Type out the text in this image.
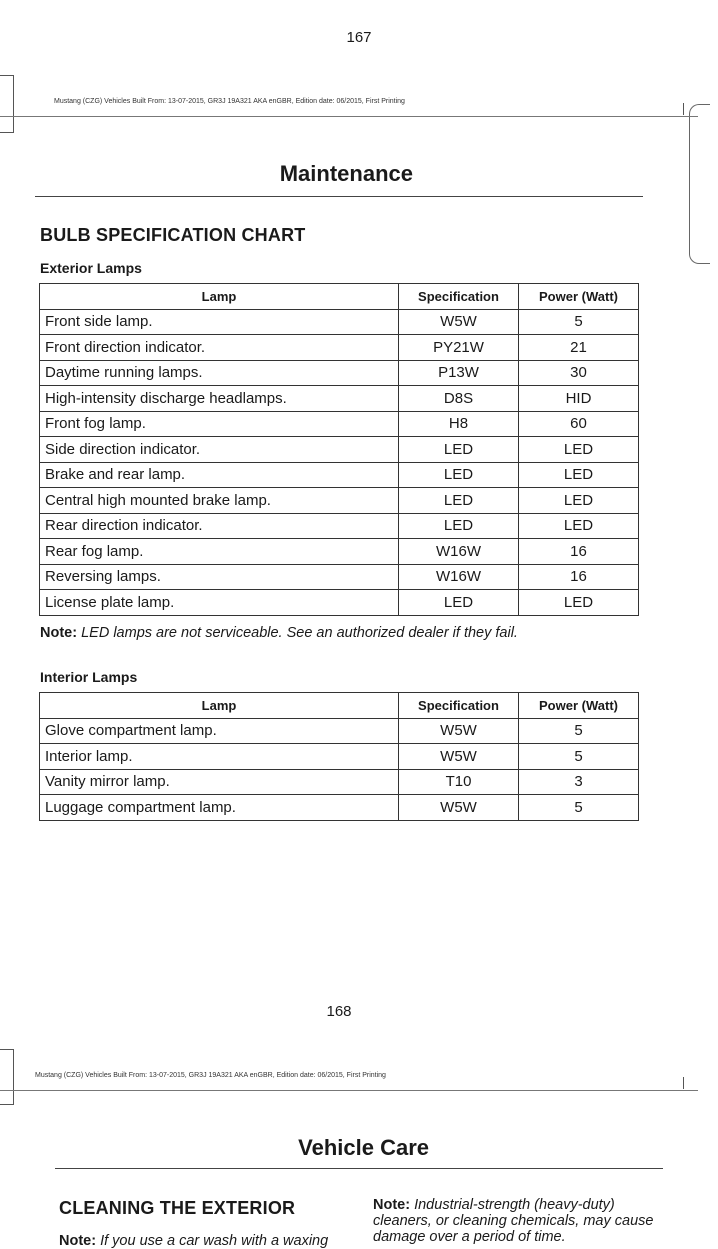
167
Mustang (CZG) Vehicles Built From: 13-07-2015, GR3J 19A321 AKA enGBR, Edition date: 06/2015, First Printing
Maintenance
BULB SPECIFICATION CHART
Exterior Lamps
Lamp	Specification	Power (Watt)
Front side lamp.	W5W	5
Front direction indicator.	PY21W	21
Daytime running lamps.	P13W	30
High-intensity discharge headlamps.	D8S	HID
Front fog lamp.	H8	60
Side direction indicator.	LED	LED
Brake and rear lamp.	LED	LED
Central high mounted brake lamp.	LED	LED
Rear direction indicator.	LED	LED
Rear fog lamp.	W16W	16
Reversing lamps.	W16W	16
License plate lamp.	LED	LED
Note: LED lamps are not serviceable. See an authorized dealer if they fail.
Interior Lamps
Lamp	Specification	Power (Watt)
Glove compartment lamp.	W5W	5
Interior lamp.	W5W	5
Vanity mirror lamp.	T10	3
Luggage compartment lamp.	W5W	5
168
Mustang (CZG) Vehicles Built From: 13-07-2015, GR3J 19A321 AKA enGBR, Edition date: 06/2015, First Printing
Vehicle Care
CLEANING THE EXTERIOR
Note: If you use a car wash with a waxing
Note: Industrial-strength (heavy-duty)
cleaners, or cleaning chemicals, may cause
damage over a period of time.
